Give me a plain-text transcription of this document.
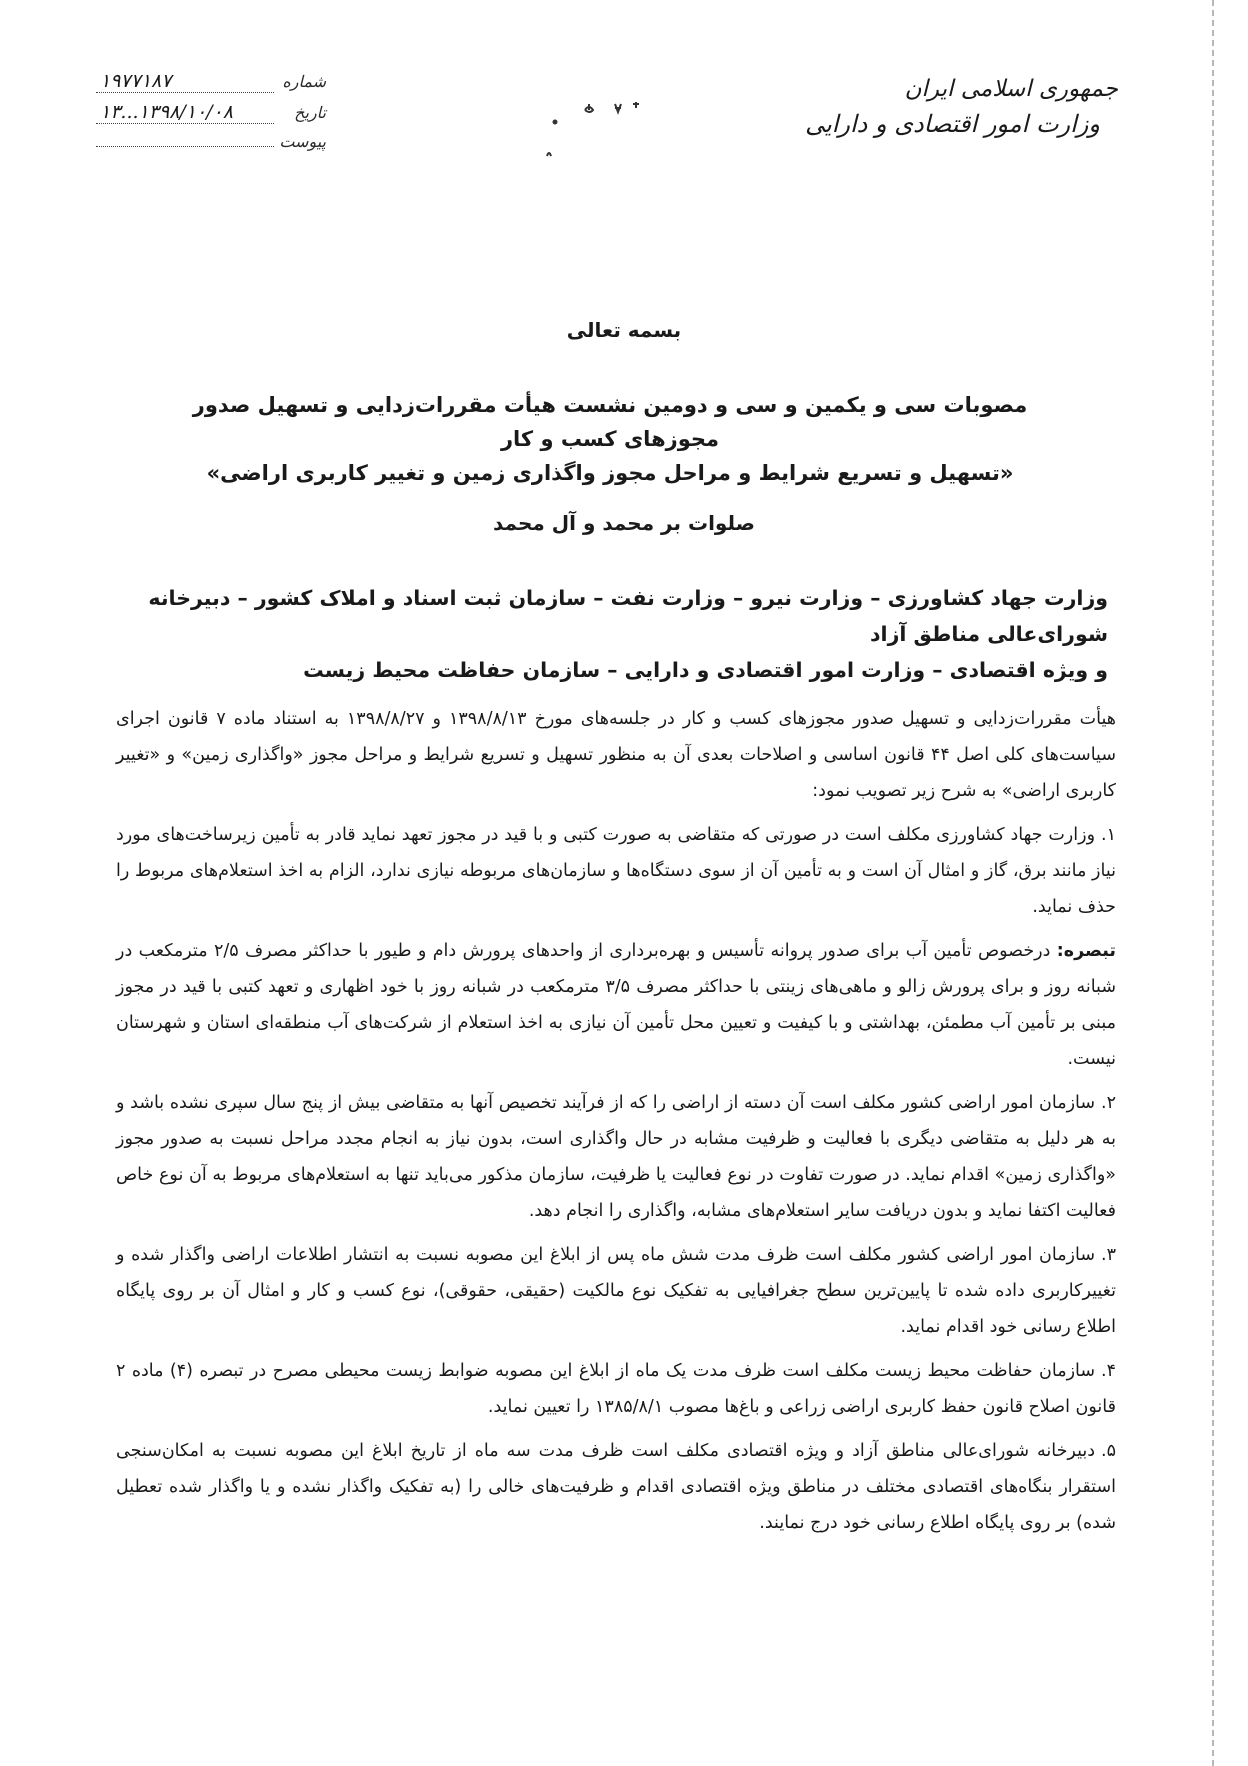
جمهوری اسلامی ایران
وزارت امور اقتصادی و دارایی
شماره
۱۹۷۷۱۸۷
تاریخ
۱۳...۱۳۹۸/۱۰/۰۸
پیوست
بسمه تعالی
مصوبات سی و یکمین و سی و دومین نشست هیأت مقررات‌زدایی و تسهیل صدور مجوزهای کسب و کار
«تسهیل و تسریع شرایط و مراحل مجوز واگذاری زمین و تغییر کاربری اراضی»
صلوات بر محمد و آل محمد
وزارت جهاد کشاورزی – وزارت نیرو – وزارت نفت – سازمان ثبت اسناد و املاک کشور – دبیرخانه شورای‌عالی مناطق آزاد
و ویژه اقتصادی – وزارت امور اقتصادی و دارایی – سازمان حفاظت محیط زیست

هیأت مقررات‌زدایی و تسهیل صدور مجوزهای کسب و کار در جلسه‌های مورخ ۱۳۹۸/۸/۱۳ و ۱۳۹۸/۸/۲۷ به استناد ماده ۷ قانون اجرای سیاست‌های کلی اصل ۴۴ قانون اساسی و اصلاحات بعدی آن به منظور تسهیل و تسریع شرایط و مراحل مجوز «واگذاری زمین» و «تغییر کاربری اراضی» به شرح زیر تصویب نمود:

۱.وزارت جهاد کشاورزی مکلف است در صورتی که متقاضی به صورت کتبی و با قید در مجوز تعهد نماید قادر به تأمین زیرساخت‌های مورد نیاز مانند برق، گاز و امثال آن است و به تأمین آن از سوی دستگاه‌ها و سازمان‌های مربوطه نیازی ندارد، الزام به اخذ استعلام‌های مربوط را حذف نماید.

تبصره: درخصوص تأمین آب برای صدور پروانه تأسیس و بهره‌برداری از واحدهای پرورش دام و طیور با حداکثر مصرف ۲/۵ مترمکعب در شبانه روز و برای پرورش زالو و ماهی‌های زینتی با حداکثر مصرف ۳/۵ مترمکعب در شبانه روز با خود اظهاری و تعهد کتبی با قید در مجوز مبنی بر تأمین آب مطمئن، بهداشتی و با کیفیت و تعیین محل تأمین آن نیازی به اخذ استعلام از شرکت‌های آب منطقه‌ای استان و شهرستان نیست.

۲.سازمان امور اراضی کشور مکلف است آن دسته از اراضی را که از فرآیند تخصیص آنها به متقاضی بیش از پنج سال سپری نشده باشد و به هر دلیل به متقاضی دیگری با فعالیت و ظرفیت مشابه در حال واگذاری است، بدون نیاز به انجام مجدد مراحل نسبت به صدور مجوز «واگذاری زمین» اقدام نماید. در صورت تفاوت در نوع فعالیت یا ظرفیت، سازمان مذکور می‌باید تنها به استعلام‌های مربوط به آن نوع خاص فعالیت اکتفا نماید و بدون دریافت سایر استعلام‌های مشابه، واگذاری را انجام دهد.

۳.سازمان امور اراضی کشور مکلف است ظرف مدت شش ماه پس از ابلاغ این مصوبه نسبت به انتشار اطلاعات اراضی واگذار شده و تغییرکاربری داده شده تا پایین‌ترین سطح جغرافیایی به تفکیک نوع مالکیت (حقیقی، حقوقی)، نوع کسب و کار و امثال آن بر روی پایگاه اطلاع رسانی خود اقدام نماید.

۴.سازمان حفاظت محیط زیست مکلف است ظرف مدت یک ماه از ابلاغ این مصوبه ضوابط زیست محیطی مصرح در تبصره (۴) ماده ۲ قانون اصلاح قانون حفظ کاربری اراضی زراعی و باغ‌ها مصوب ۱۳۸۵/۸/۱ را تعیین نماید.

۵.دبیرخانه شورای‌عالی مناطق آزاد و ویژه اقتصادی مکلف است ظرف مدت سه ماه از تاریخ ابلاغ این مصوبه نسبت به امکان‌سنجی استقرار بنگاه‌های اقتصادی مختلف در مناطق ویژه اقتصادی اقدام و ظرفیت‌های خالی را (به تفکیک واگذار نشده و یا واگذار شده تعطیل شده) بر روی پایگاه اطلاع رسانی خود درج نمایند.
